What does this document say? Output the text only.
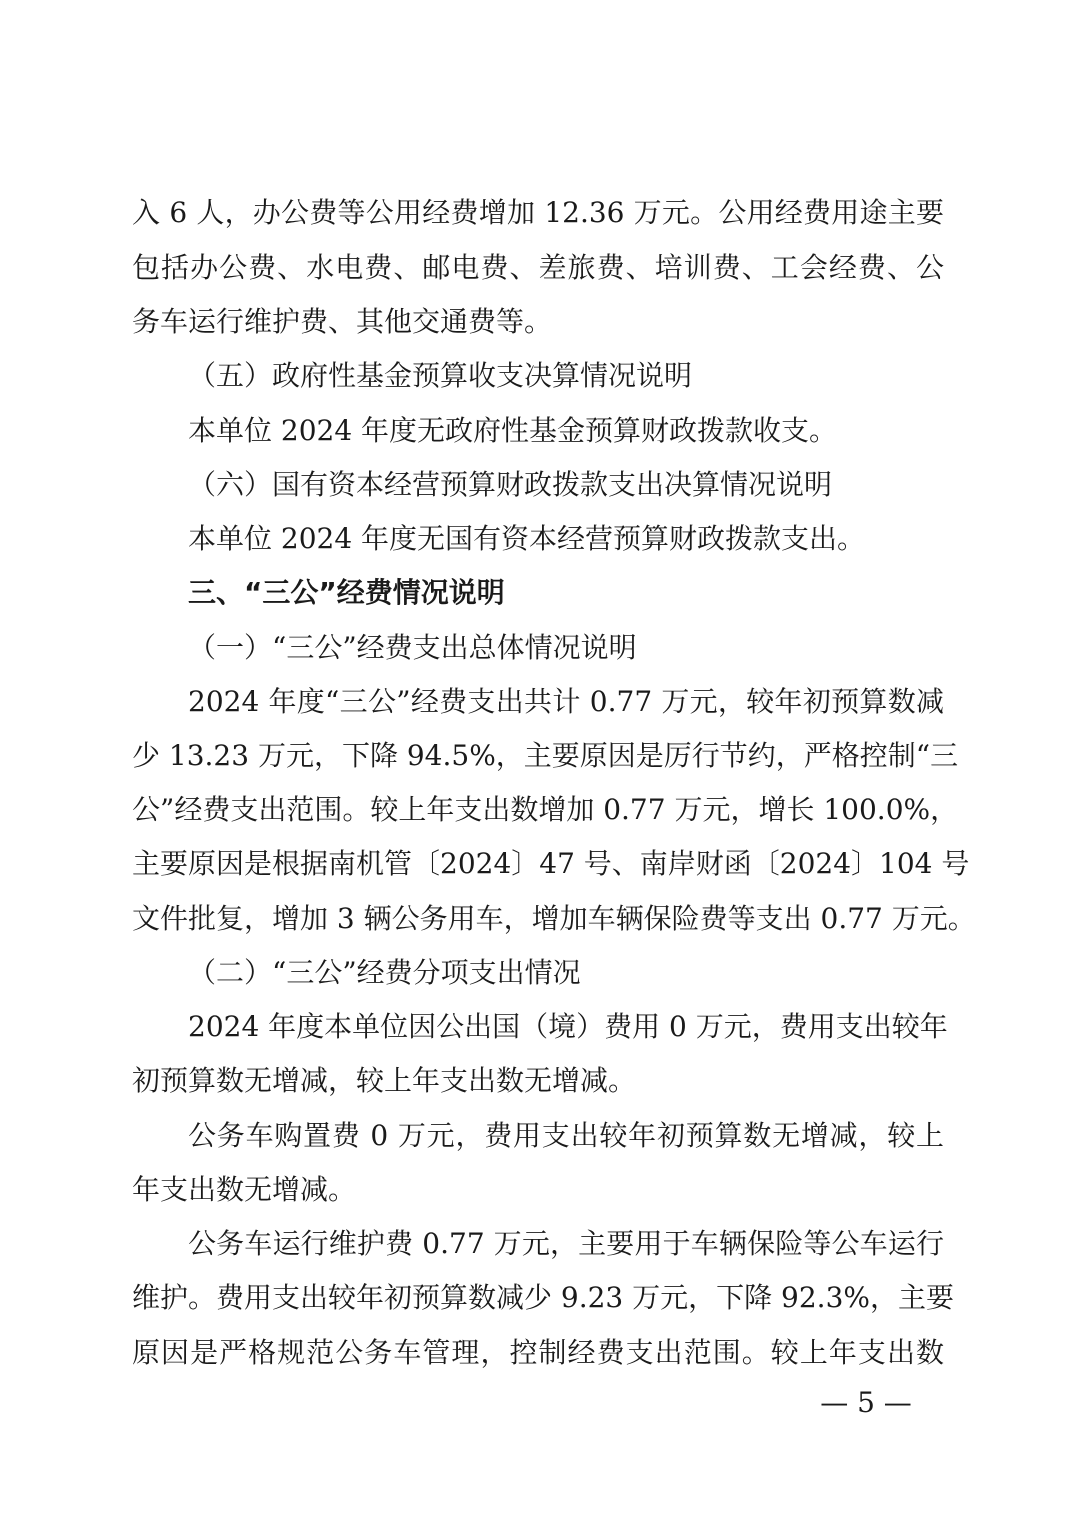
入 6 人，办公费等公用经费增加 12.36 万元。公用经费用途主要
包括办公费、水电费、邮电费、差旅费、培训费、工会经费、公
务车运行维护费、其他交通费等。
（五）政府性基金预算收支决算情况说明
本单位 2024 年度无政府性基金预算财政拨款收支。
（六）国有资本经营预算财政拨款支出决算情况说明
本单位 2024 年度无国有资本经营预算财政拨款支出。
三、“三公”经费情况说明
（一）“三公”经费支出总体情况说明
2024 年度“三公”经费支出共计 0.77 万元，较年初预算数减
少 13.23 万元，下降 94.5%，主要原因是厉行节约，严格控制“三
公”经费支出范围。较上年支出数增加 0.77 万元，增长 100.0%，
主要原因是根据南机管〔2024〕47 号、南岸财函〔2024〕104 号
文件批复，增加 3 辆公务用车，增加车辆保险费等支出 0.77 万元。
（二）“三公”经费分项支出情况
2024 年度本单位因公出国（境）费用 0 万元，费用支出较年
初预算数无增减，较上年支出数无增减。
公务车购置费 0 万元，费用支出较年初预算数无增减，较上
年支出数无增减。
公务车运行维护费 0.77 万元，主要用于车辆保险等公车运行
维护。费用支出较年初预算数减少 9.23 万元，下降 92.3%，主要
原因是严格规范公务车管理，控制经费支出范围。较上年支出数
— 5 —
